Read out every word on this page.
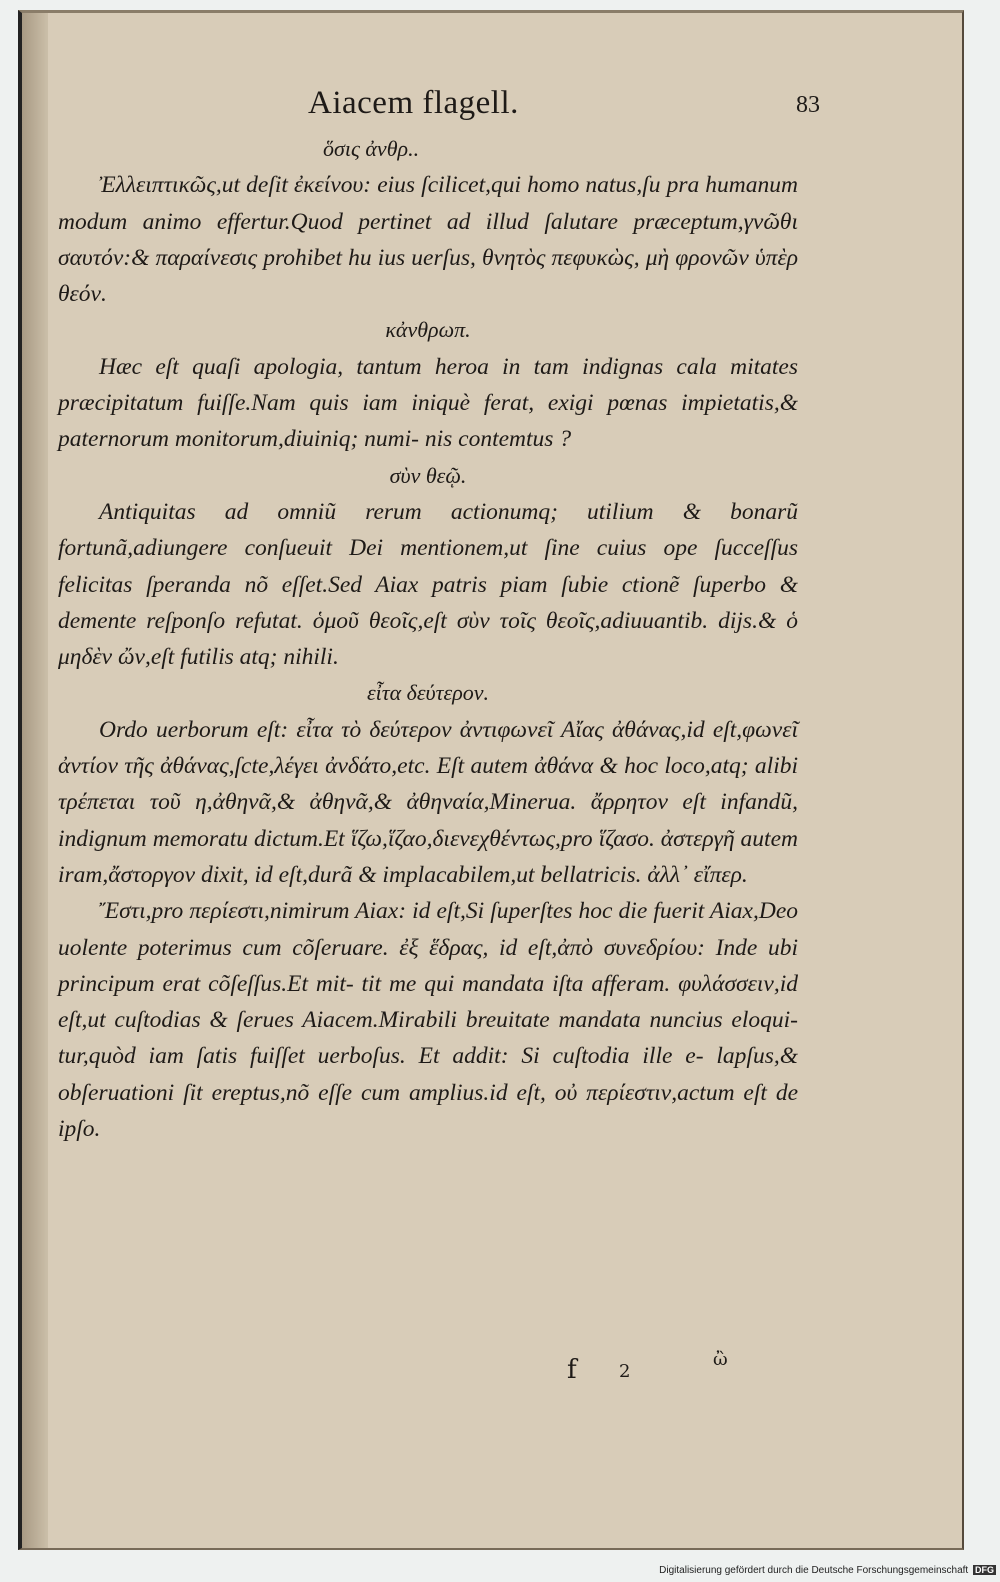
Aiacem flagell.	83
ὅσις ἀνθρ..

Ἐλλειπτικῶς,ut deſit ἐκείνου: eius ſcilicet,qui homo natus,ſu pra humanum modum animo effertur.Quod pertinet ad illud ſalutare præceptum,γνῶθι σαυτόν:& παραίνεσις prohibet hu ius uerſus, θνητὸς πεφυκὼς, μὴ φρονῶν ὑπὲρ θεόν.

κἀνθρωπ.

Hæc eſt quaſi apologia, tantum heroa in tam indignas cala mitates præcipitatum fuiſſe.Nam quis iam iniquè ferat, exigi pœnas impietatis,& paternorum monitorum,diuiniq; numi- nis contemtus ?

σὺν θεῷ.

Antiquitas ad omniũ rerum actionumq; utilium & bonarũ fortunã,adiungere conſueuit Dei mentionem,ut ſine cuius ope ſucceſſus felicitas ſperanda nõ eſſet.Sed Aiax patris piam ſubie ctionẽ ſuperbo & demente reſponſo refutat. ὁμοῦ θεοῖς,eſt σὺν τοῖς θεοῖς,adiuuantib. dijs.& ὁ μηδὲν ὤν,eſt futilis atq; nihili.

εἶτα δεύτερον.

Ordo uerborum eſt: εἶτα τὸ δεύτερον ἀντιφωνεῖ Αἴας ἀθάνας,id eſt,φωνεῖ ἀντίον τῆς ἀθάνας,ſcte,λέγει ἀνδάτο,etc. Eſt autem ἀθάνα & hoc loco,atq; alibi τρέπεται τοῦ η,ἀθηνᾶ,& ἀθηνᾶ,& ἀθηναία,Minerua. ἄρρητον eſt infandũ, indignum memoratu dictum.Et ἵζω,ἵζαο,διενεχθέντως,pro ἵζασο. ἀστεργῆ autem iram,ἄστοργον dixit, id eſt,durã & implacabilem,ut bellatricis. ἀλλ᾽ εἴπερ.

Ἔστι,pro περίεστι,nimirum Aiax: id eſt,Si ſuperſtes hoc die fuerit Aiax,Deo uolente poterimus cum cõſeruare. ἐξ ἕδρας, id eſt,ἀπὸ συνεδρίου: Inde ubi principum erat cõſeſſus.Et mit- tit me qui mandata iſta afferam. φυλάσσειν,id eſt,ut cuſtodias & ſerues Aiacem.Mirabili breuitate mandata nuncius eloqui- tur,quòd iam ſatis fuiſſet uerboſus. Et addit: Si cuſtodia ille e- lapſus,& obſeruationi ſit ereptus,nõ eſſe cum amplius.id eſt, οὐ περίεστιν,actum eſt de ipſo.

f 2
ὢ
Digitalisierung gefördert durch die Deutsche Forschungsgemeinschaft DFG
